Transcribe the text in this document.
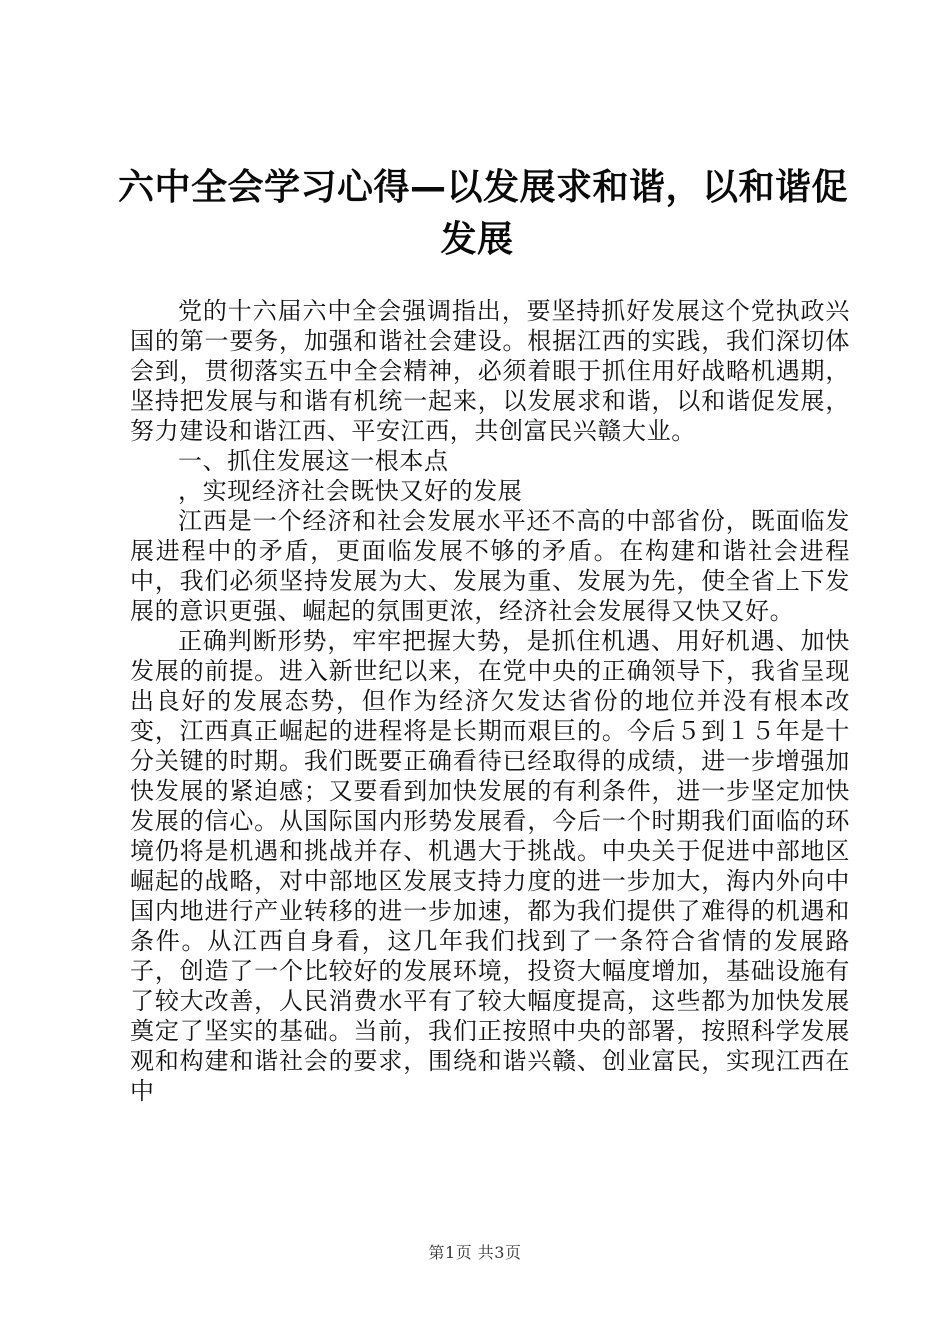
六中全会学习心得—以发展求和谐，以和谐促
发展

党的十六届六中全会强调指出，要坚持抓好发展这个党执政兴国的第一要务，加强和谐社会建设。根据江西的实践，我们深切体会到，贯彻落实五中全会精神，必须着眼于抓住用好战略机遇期，坚持把发展与和谐有机统一起来，以发展求和谐，以和谐促发展，努力建设和谐江西、平安江西，共创富民兴赣大业。

一、抓住发展这一根本点

，实现经济社会既快又好的发展

江西是一个经济和社会发展水平还不高的中部省份，既面临发展进程中的矛盾，更面临发展不够的矛盾。在构建和谐社会进程中，我们必须坚持发展为大、发展为重、发展为先，使全省上下发展的意识更强、崛起的氛围更浓，经济社会发展得又快又好。

正确判断形势，牢牢把握大势，是抓住机遇、用好机遇、加快发展的前提。进入新世纪以来，在党中央的正确领导下，我省呈现出良好的发展态势，但作为经济欠发达省份的地位并没有根本改变，江西真正崛起的进程将是长期而艰巨的。今后５到１５年是十分关键的时期。我们既要正确看待已经取得的成绩，进一步增强加快发展的紧迫感；又要看到加快发展的有利条件，进一步坚定加快发展的信心。从国际国内形势发展看，今后一个时期我们面临的环境仍将是机遇和挑战并存、机遇大于挑战。中央关于促进中部地区崛起的战略，对中部地区发展支持力度的进一步加大，海内外向中国内地进行产业转移的进一步加速，都为我们提供了难得的机遇和条件。从江西自身看，这几年我们找到了一条符合省情的发展路子，创造了一个比较好的发展环境，投资大幅度增加，基础设施有了较大改善，人民消费水平有了较大幅度提高，这些都为加快发展奠定了坚实的基础。当前，我们正按照中央的部署，按照科学发展观和构建和谐社会的要求，围绕和谐兴赣、创业富民，实现江西在中

第1页 共3页
